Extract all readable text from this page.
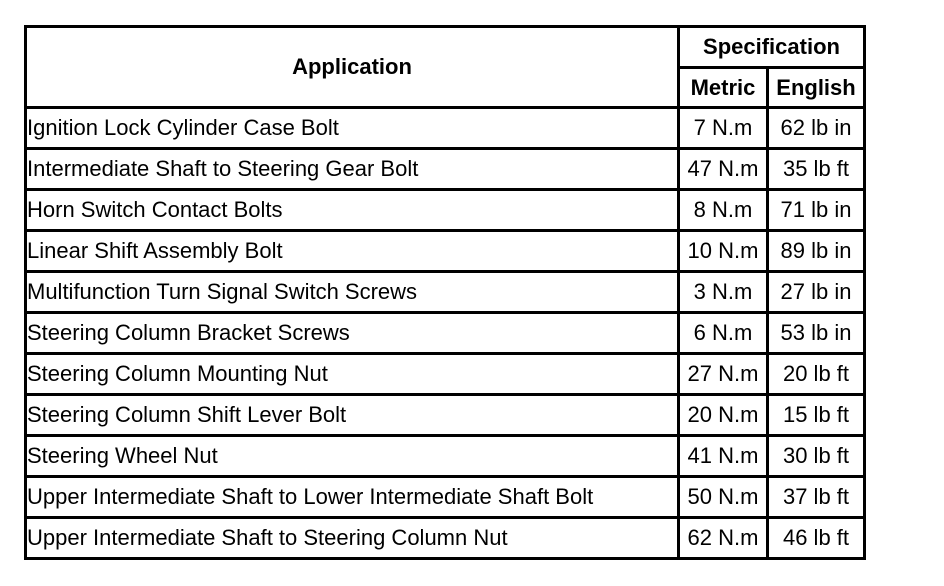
Application	Specification	
	Metric	English
Ignition Lock Cylinder Case Bolt	7 N.m	62 lb in
Intermediate Shaft to Steering Gear Bolt	47 N.m	35 lb ft
Horn Switch Contact Bolts	8 N.m	71 lb in
Linear Shift Assembly Bolt	10 N.m	89 lb in
Multifunction Turn Signal Switch Screws	3 N.m	27 lb in
Steering Column Bracket Screws	6 N.m	53 lb in
Steering Column Mounting Nut	27 N.m	20 lb ft
Steering Column Shift Lever Bolt	20 N.m	15 lb ft
Steering Wheel Nut	41 N.m	30 lb ft
Upper Intermediate Shaft to Lower Intermediate Shaft Bolt	50 N.m	37 lb ft
Upper Intermediate Shaft to Steering Column Nut	62 N.m	46 lb ft
